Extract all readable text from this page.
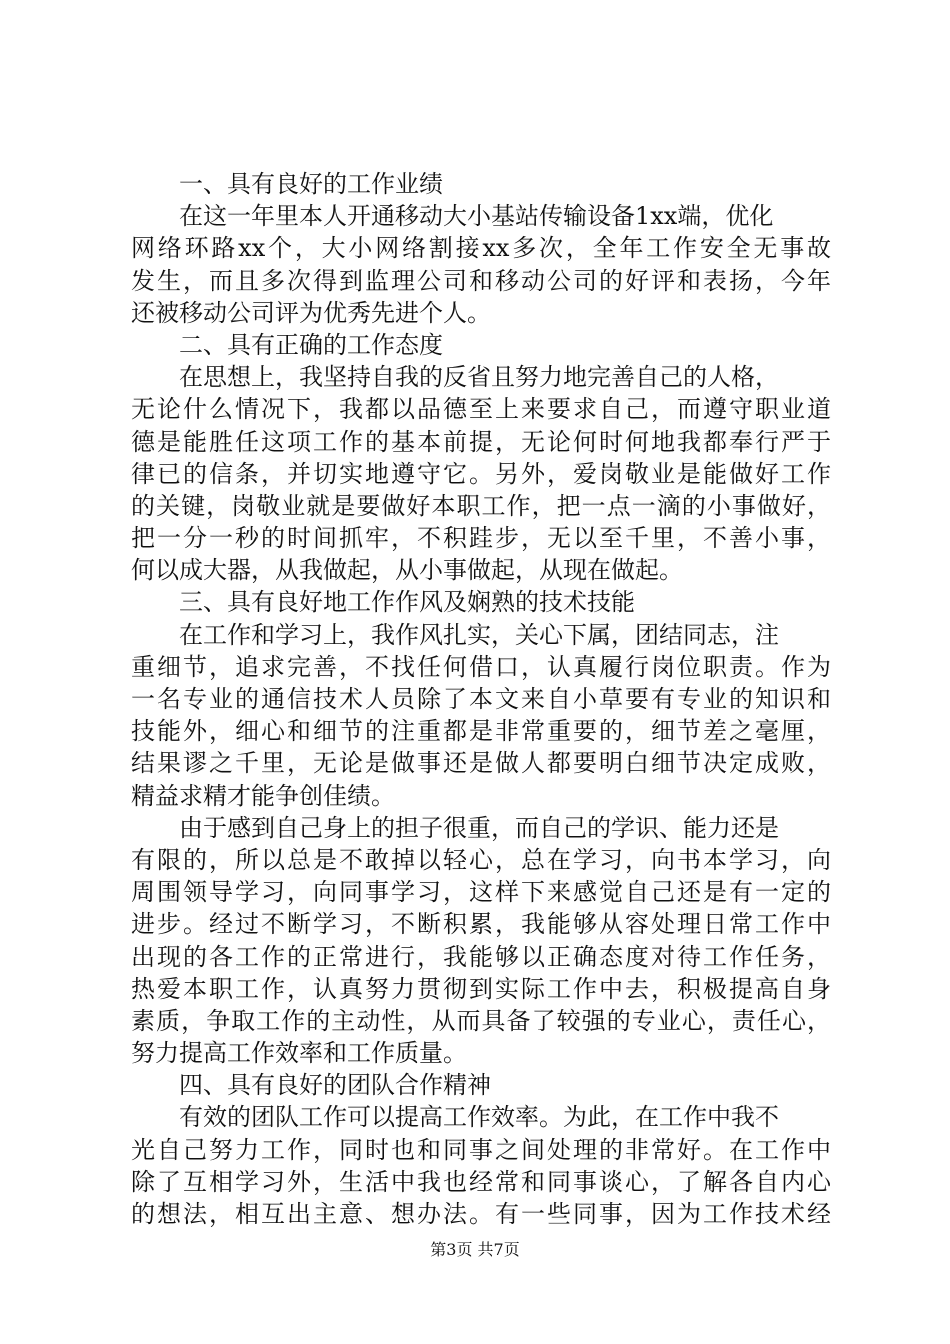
一、具有良好的工作业绩
在这一年里本人开通移动大小基站传输设备1xx端，优化
网络环路xx个，大小网络割接xx多次，全年工作安全无事故
发生，而且多次得到监理公司和移动公司的好评和表扬，今年
还被移动公司评为优秀先进个人。
二、具有正确的工作态度
在思想上，我坚持自我的反省且努力地完善自己的人格，
无论什么情况下，我都以品德至上来要求自己，而遵守职业道
德是能胜任这项工作的基本前提，无论何时何地我都奉行严于
律已的信条，并切实地遵守它。另外，爱岗敬业是能做好工作
的关键，岗敬业就是要做好本职工作，把一点一滴的小事做好，
把一分一秒的时间抓牢，不积跬步，无以至千里，不善小事，
何以成大器，从我做起，从小事做起，从现在做起。
三、具有良好地工作作风及娴熟的技术技能
在工作和学习上，我作风扎实，关心下属，团结同志，注
重细节，追求完善，不找任何借口，认真履行岗位职责。作为
一名专业的通信技术人员除了本文来自小草要有专业的知识和
技能外，细心和细节的注重都是非常重要的，细节差之毫厘，
结果谬之千里，无论是做事还是做人都要明白细节决定成败，
精益求精才能争创佳绩。
由于感到自己身上的担子很重，而自己的学识、能力还是
有限的，所以总是不敢掉以轻心，总在学习，向书本学习，向
周围领导学习，向同事学习，这样下来感觉自己还是有一定的
进步。经过不断学习，不断积累，我能够从容处理日常工作中
出现的各工作的正常进行，我能够以正确态度对待工作任务，
热爱本职工作，认真努力贯彻到实际工作中去，积极提高自身
素质，争取工作的主动性，从而具备了较强的专业心，责任心，
努力提高工作效率和工作质量。
四、具有良好的团队合作精神
有效的团队工作可以提高工作效率。为此，在工作中我不
光自己努力工作，同时也和同事之间处理的非常好。在工作中
除了互相学习外，生活中我也经常和同事谈心，了解各自内心
的想法，相互出主意、想办法。有一些同事，因为工作技术经
第3页 共7页
